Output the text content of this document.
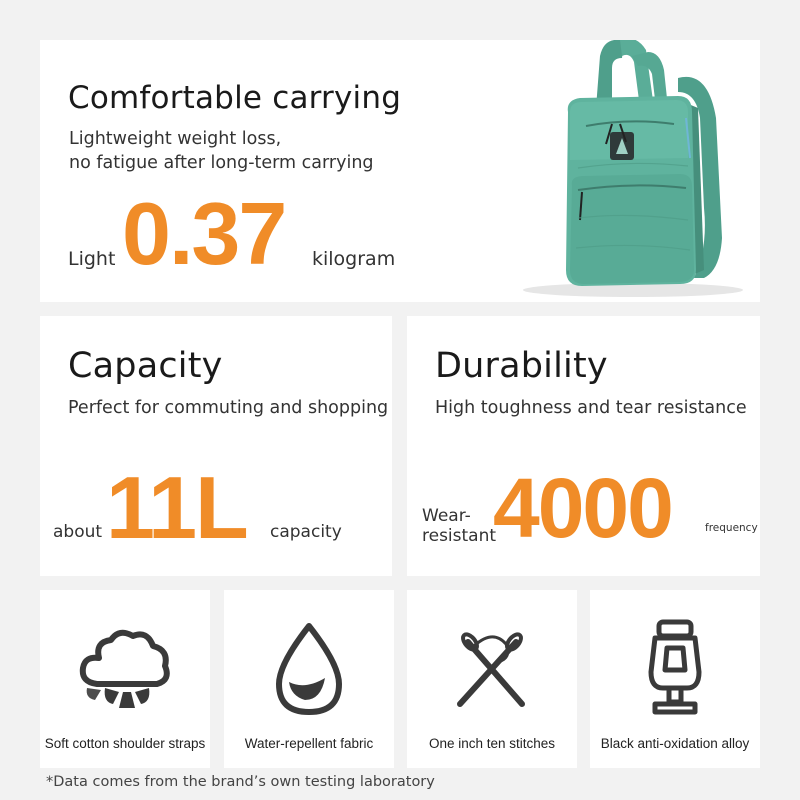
Comfortable carrying
Lightweight weight loss,
no fatigue after long-term carrying
Light 0.37 kilogram
Capacity
Perfect for commuting and shopping
about 11L capacity
Durability
High toughness and tear resistance
Wear-
resistant
4000	frequency
Soft cotton shoulder straps	Water-repellent fabric	One inch ten stitches	Black anti-oxidation alloy
*Data comes from the brand’s own testing laboratory
